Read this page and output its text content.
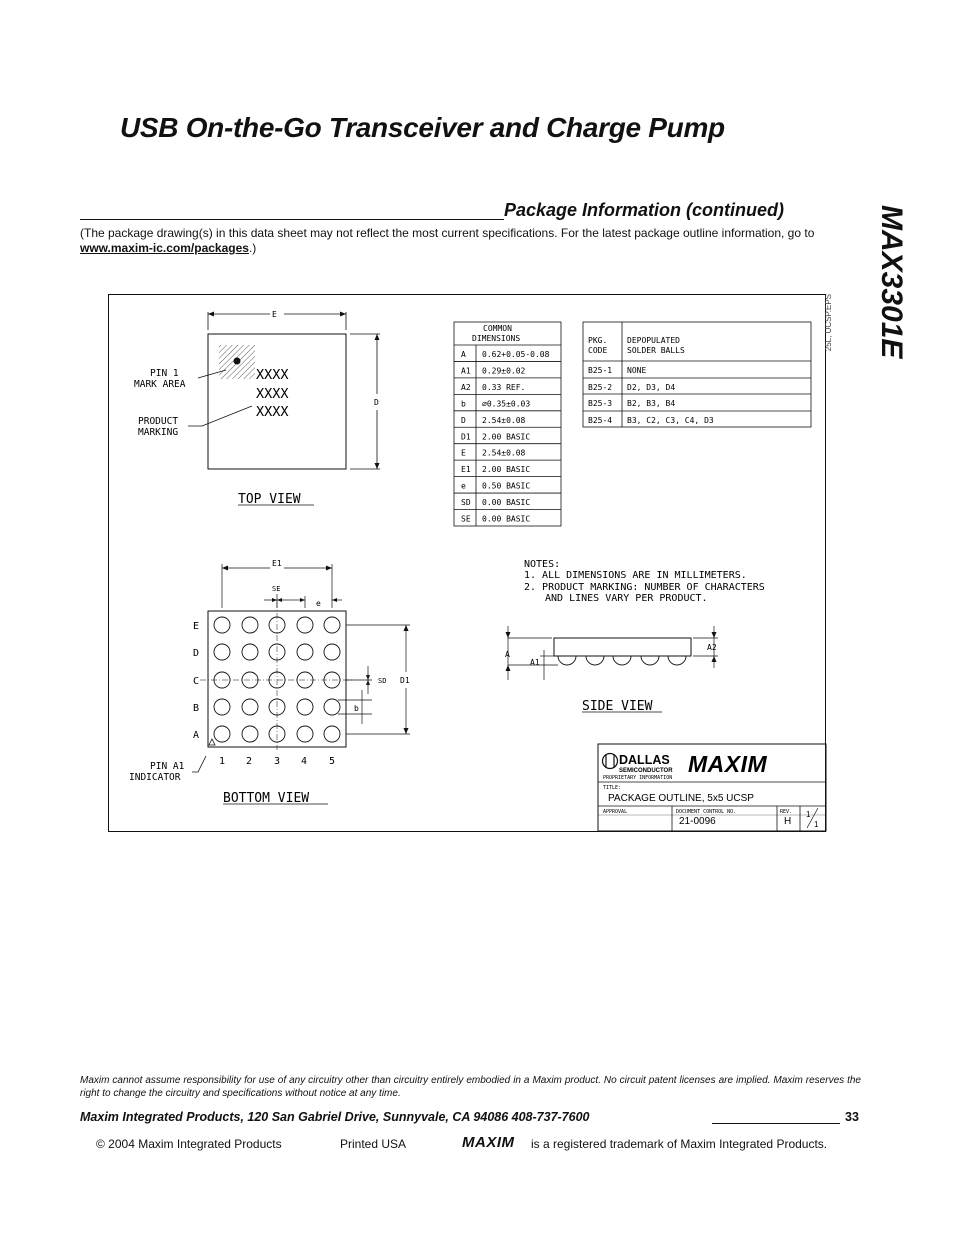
USB On-the-Go Transceiver and Charge Pump
MAX3301E
Package Information (continued)
(The package drawing(s) in this data sheet may not reflect the most current specifications. For the latest package outline information, go to www.maxim-ic.com/packages.)
25L, UCSP.EPS
E
D
PIN 1
MARK AREA
PRODUCT
MARKING
XXXX
XXXX
XXXX
TOP VIEW
E1
SE
e
SD D1
b
E
D
C
B
A
1 2 3 4 5
PIN A1
INDICATOR
BOTTOM VIEW
COMMON
DIMENSIONS
A 0.62+0.05-0.08
A1 0.29±0.02
A2 0.33 REF.
b ∅0.35±0.03
D 2.54±0.08
D1 2.00 BASIC
E 2.54±0.08
E1 2.00 BASIC
e 0.50 BASIC
SD 0.00 BASIC
SE 0.00 BASIC
PKG.
CODE
DEPOPULATED
SOLDER BALLS
B25-1 NONE
B25-2 D2, D3, D4
B25-3 B2, B3, B4
B25-4 B3, C2, C3, C4, D3
NOTES:
1. ALL DIMENSIONS ARE IN MILLIMETERS.
2. PRODUCT MARKING: NUMBER OF CHARACTERS
AND LINES VARY PER PRODUCT.
A
A1
A2
SIDE VIEW
DALLAS
SEMICONDUCTOR MAXIM
PROPRIETARY INFORMATION
TITLE:
PACKAGE OUTLINE, 5x5 UCSP
APPROVAL	DOCUMENT CONTROL NO.
21-0096
REV.
H
1
1
Maxim cannot assume responsibility for use of any circuitry other than circuitry entirely embodied in a Maxim product. No circuit patent licenses are implied. Maxim reserves the right to change the circuitry and specifications without notice at any time.
Maxim Integrated Products, 120 San Gabriel Drive, Sunnyvale, CA 94086 408-737-7600	33
© 2004 Maxim Integrated Products	Printed USA	MAXIM is a registered trademark of Maxim Integrated Products.
